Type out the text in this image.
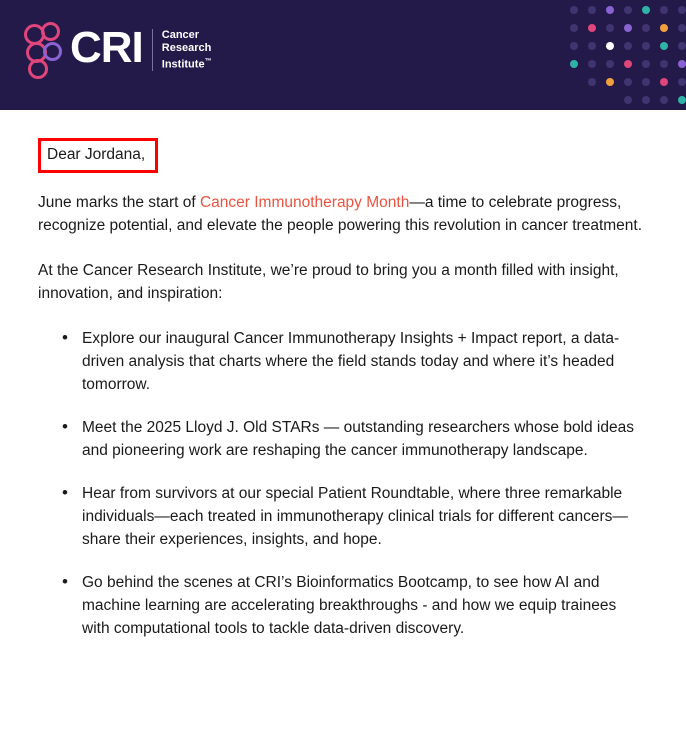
CRI Cancer
Research
Institute™
Dear Jordana,

June marks the start of Cancer Immunotherapy Month—a time to celebrate progress, recognize potential, and elevate the people powering this revolution in cancer treatment.

At the Cancer Research Institute, we’re proud to bring you a month filled with insight, innovation, and inspiration:

• Explore our inaugural Cancer Immunotherapy Insights + Impact report, a data-driven analysis that charts where the field stands today and where it’s headed tomorrow.
• Meet the 2025 Lloyd J. Old STARs — outstanding researchers whose bold ideas and pioneering work are reshaping the cancer immunotherapy landscape.
• Hear from survivors at our special Patient Roundtable, where three remarkable individuals—each treated in immunotherapy clinical trials for different cancers—share their experiences, insights, and hope.
• Go behind the scenes at CRI’s Bioinformatics Bootcamp, to see how AI and machine learning are accelerating breakthroughs - and how we equip trainees with computational tools to tackle data-driven discovery.
